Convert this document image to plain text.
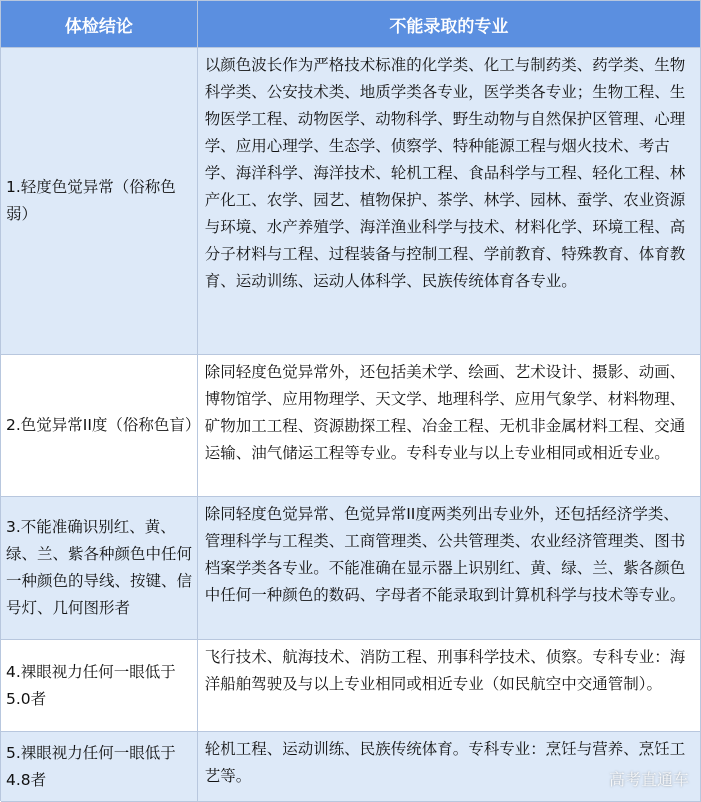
体检结论	不能录取的专业
1.轻度色觉异常（俗称色弱）
以颜色波长作为严格技术标准的化学类、化工与制药类、药学类、生物科学类、公安技术类、地质学类各专业，医学类各专业；生物工程、生物医学工程、动物医学、动物科学、野生动物与自然保护区管理、心理学、应用心理学、生态学、侦察学、特种能源工程与烟火技术、考古学、海洋科学、海洋技术、轮机工程、食品科学与工程、轻化工程、林产化工、农学、园艺、植物保护、茶学、林学、园林、蚕学、农业资源与环境、水产养殖学、海洋渔业科学与技术、材料化学、环境工程、高分子材料与工程、过程装备与控制工程、学前教育、特殊教育、体育教育、运动训练、运动人体科学、民族传统体育各专业。
2.色觉异常II度（俗称色盲）
除同轻度色觉异常外，还包括美术学、绘画、艺术设计、摄影、动画、博物馆学、应用物理学、天文学、地理科学、应用气象学、材料物理、矿物加工工程、资源勘探工程、冶金工程、无机非金属材料工程、交通运输、油气储运工程等专业。专科专业与以上专业相同或相近专业。
3.不能准确识别红、黄、绿、兰、紫各种颜色中任何一种颜色的导线、按键、信号灯、几何图形者
除同轻度色觉异常、色觉异常II度两类列出专业外，还包括经济学类、管理科学与工程类、工商管理类、公共管理类、农业经济管理类、图书档案学类各专业。不能准确在显示器上识别红、黄、绿、兰、紫各颜色中任何一种颜色的数码、字母者不能录取到计算机科学与技术等专业。
4.裸眼视力任何一眼低于5.0者
飞行技术、航海技术、消防工程、刑事科学技术、侦察。专科专业：海洋船舶驾驶及与以上专业相同或相近专业（如民航空中交通管制）。
5.裸眼视力任何一眼低于4.8者
轮机工程、运动训练、民族传统体育。专科专业：烹饪与营养、烹饪工艺等。	高考直通车
